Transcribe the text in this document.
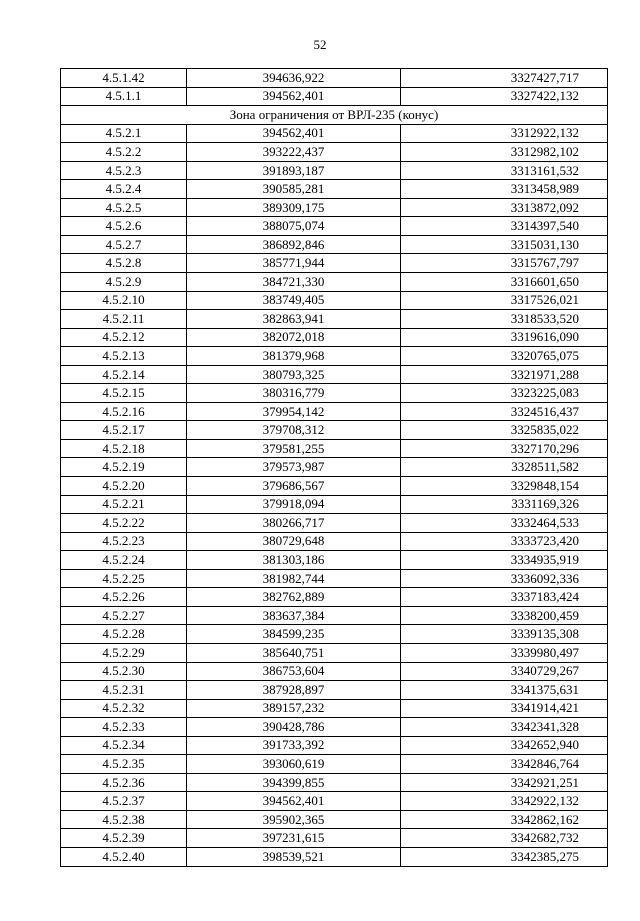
52
4.5.1.42	394636,922	3327427,717
4.5.1.1	394562,401	3327422,132
Зона ограничения от ВРЛ-235 (конус)		
4.5.2.1	394562,401	3312922,132
4.5.2.2	393222,437	3312982,102
4.5.2.3	391893,187	3313161,532
4.5.2.4	390585,281	3313458,989
4.5.2.5	389309,175	3313872,092
4.5.2.6	388075,074	3314397,540
4.5.2.7	386892,846	3315031,130
4.5.2.8	385771,944	3315767,797
4.5.2.9	384721,330	3316601,650
4.5.2.10	383749,405	3317526,021
4.5.2.11	382863,941	3318533,520
4.5.2.12	382072,018	3319616,090
4.5.2.13	381379,968	3320765,075
4.5.2.14	380793,325	3321971,288
4.5.2.15	380316,779	3323225,083
4.5.2.16	379954,142	3324516,437
4.5.2.17	379708,312	3325835,022
4.5.2.18	379581,255	3327170,296
4.5.2.19	379573,987	3328511,582
4.5.2.20	379686,567	3329848,154
4.5.2.21	379918,094	3331169,326
4.5.2.22	380266,717	3332464,533
4.5.2.23	380729,648	3333723,420
4.5.2.24	381303,186	3334935,919
4.5.2.25	381982,744	3336092,336
4.5.2.26	382762,889	3337183,424
4.5.2.27	383637,384	3338200,459
4.5.2.28	384599,235	3339135,308
4.5.2.29	385640,751	3339980,497
4.5.2.30	386753,604	3340729,267
4.5.2.31	387928,897	3341375,631
4.5.2.32	389157,232	3341914,421
4.5.2.33	390428,786	3342341,328
4.5.2.34	391733,392	3342652,940
4.5.2.35	393060,619	3342846,764
4.5.2.36	394399,855	3342921,251
4.5.2.37	394562,401	3342922,132
4.5.2.38	395902,365	3342862,162
4.5.2.39	397231,615	3342682,732
4.5.2.40	398539,521	3342385,275
